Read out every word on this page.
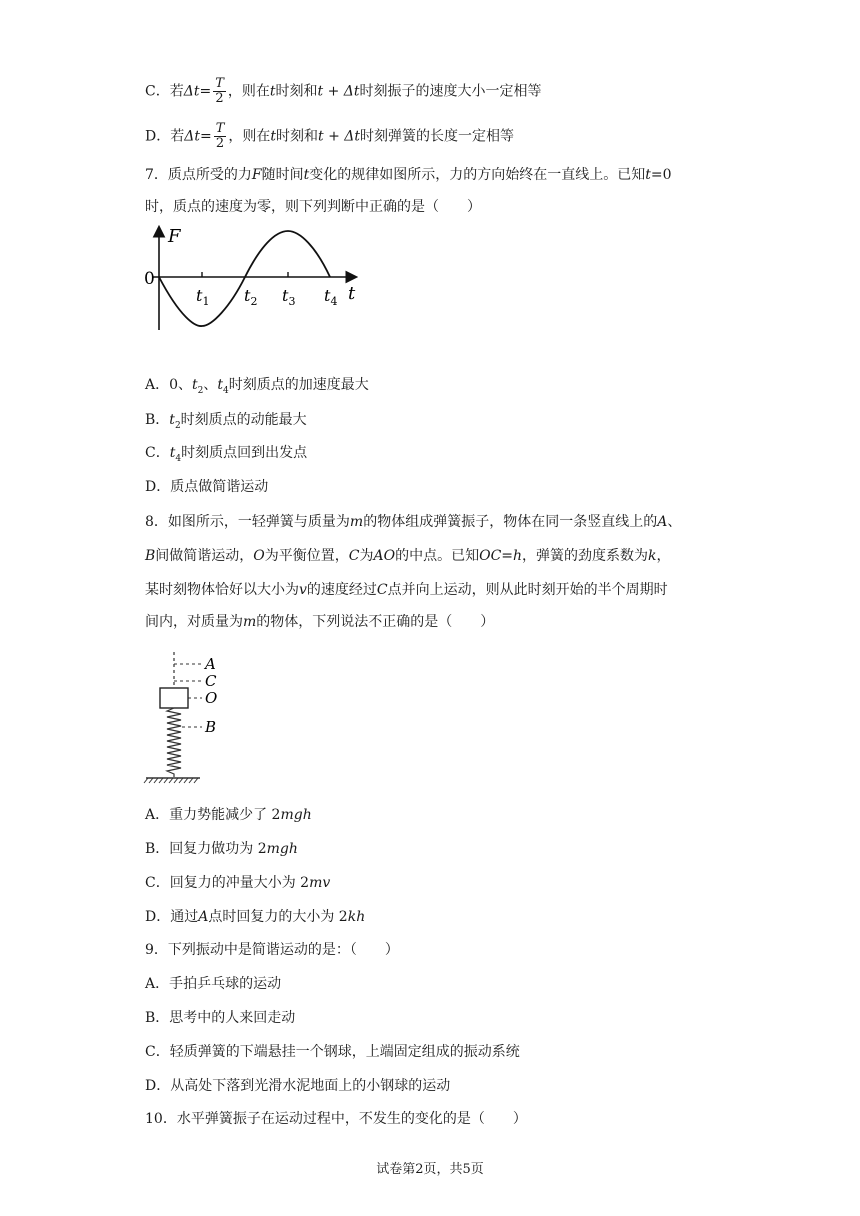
C．若$\Delta t= \frac{T}{2}$ ，则在t时刻和t + Δt时刻振子的速度大小一定相等
D．若$\Delta t= \frac{T}{2}$ ，则在t时刻和t + Δt时刻弹簧的长度一定相等
7．质点所受的力F随时间t变化的规律如图所示，力的方向始终在一直线上。已知t=0
时，质点的速度为零，则下列判断中正确的是（　　）
F
0
t
$t_1$ $t_2$ $t_3$ $t_4$
A．0、$t_2$、$t_4$时刻质点的加速度最大
B．$t_2$时刻质点的动能最大
C．$t_4$时刻质点回到出发点
D．质点做简谐运动
8．如图所示，一轻弹簧与质量为m的物体组成弹簧振子，物体在同一条竖直线上的A、
B间做简谐运动，O为平衡位置，C为AO的中点。已知OC=h，弹簧的劲度系数为k，
某时刻物体恰好以大小为v的速度经过C点并向上运动，则从此时刻开始的半个周期时
间内，对质量为m的物体，下列说法不正确的是（　　）
A
C
O
B
A．重力势能减少了 2mgh
B．回复力做功为 2mgh
C．回复力的冲量大小为 2mv
D．通过A点时回复力的大小为 2kh
9．下列振动中是简谐运动的是：（　　）
A．手拍乒乓球的运动
B．思考中的人来回走动
C．轻质弹簧的下端悬挂一个钢球，上端固定组成的振动系统
D．从高处下落到光滑水泥地面上的小钢球的运动
10．水平弹簧振子在运动过程中，不发生的变化的是（　　）
试卷第2页，共5页
